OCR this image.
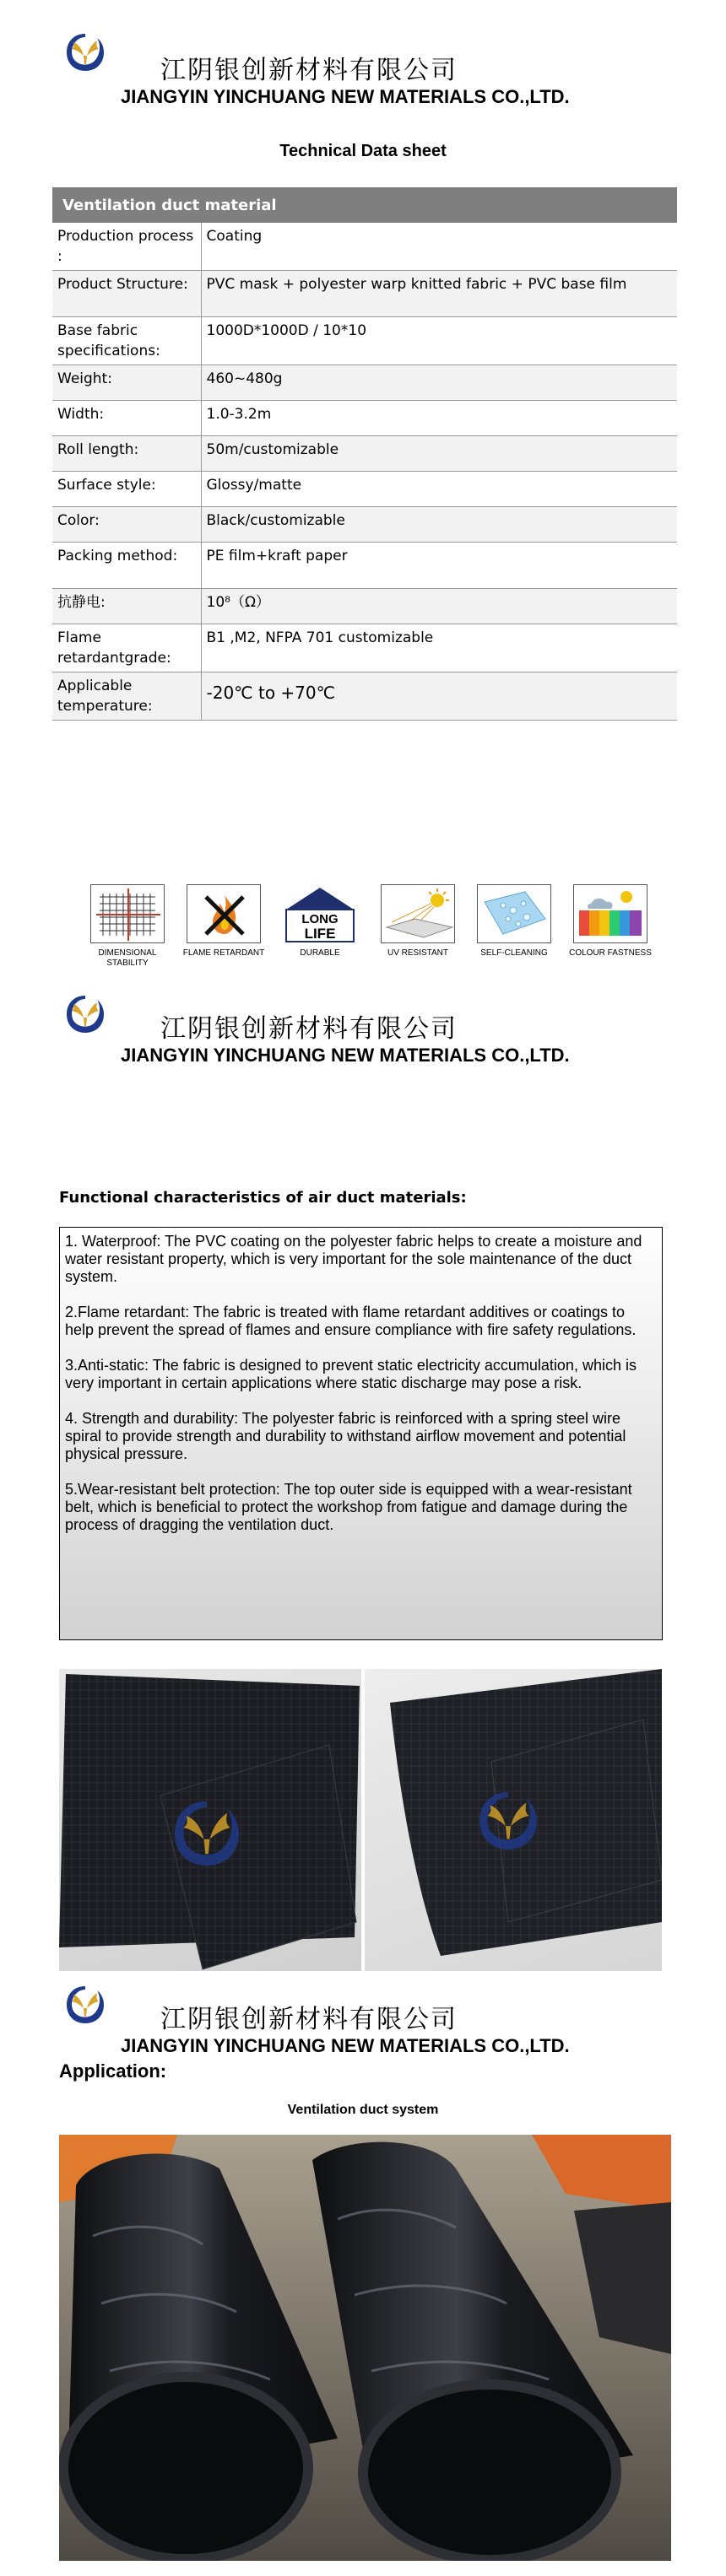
江阴银创新材料有限公司
JIANGYIN YINCHUANG NEW MATERIALS CO.,LTD.
Technical Data sheet
Ventilation duct material	
Production process :	Coating
Product Structure:	PVC mask + polyester warp knitted fabric + PVC base film
Base fabric specifications:	1000D*1000D / 10*10
Weight:	460~480g
Width:	1.0-3.2m
Roll length:	50m/customizable
Surface style:	Glossy/matte
Color:	Black/customizable
Packing method:	PE film+kraft paper
抗静电:	10⁸（Ω）
Flame retardantgrade:	B1 ,M2, NFPA 701 customizable
Applicable temperature:	-20℃ to +70℃
DIMENSIONAL STABILITY
FLAME RETARDANT
LONG
LIFE
DURABLE	UV RESISTANT	SELF-CLEANING	COLOUR FASTNESS
江阴银创新材料有限公司
JIANGYIN YINCHUANG NEW MATERIALS CO.,LTD.
Functional characteristics of air duct materials:

1. Waterproof: The PVC coating on the polyester fabric helps to create a moisture and water resistant property, which is very important for the sole maintenance of the duct system.

2.Flame retardant: The fabric is treated with flame retardant additives or coatings to help prevent the spread of flames and ensure compliance with fire safety regulations.

3.Anti-static: The fabric is designed to prevent static electricity accumulation, which is very important in certain applications where static discharge may pose a risk.

4. Strength and durability: The polyester fabric is reinforced with a spring steel wire spiral to provide strength and durability to withstand airflow movement and potential physical pressure.

5.Wear-resistant belt protection: The top outer side is equipped with a wear-resistant belt, which is beneficial to protect the workshop from fatigue and damage during the process of dragging the ventilation duct.

江阴银创新材料有限公司
JIANGYIN YINCHUANG NEW MATERIALS CO.,LTD.
Application:
Ventilation duct system
